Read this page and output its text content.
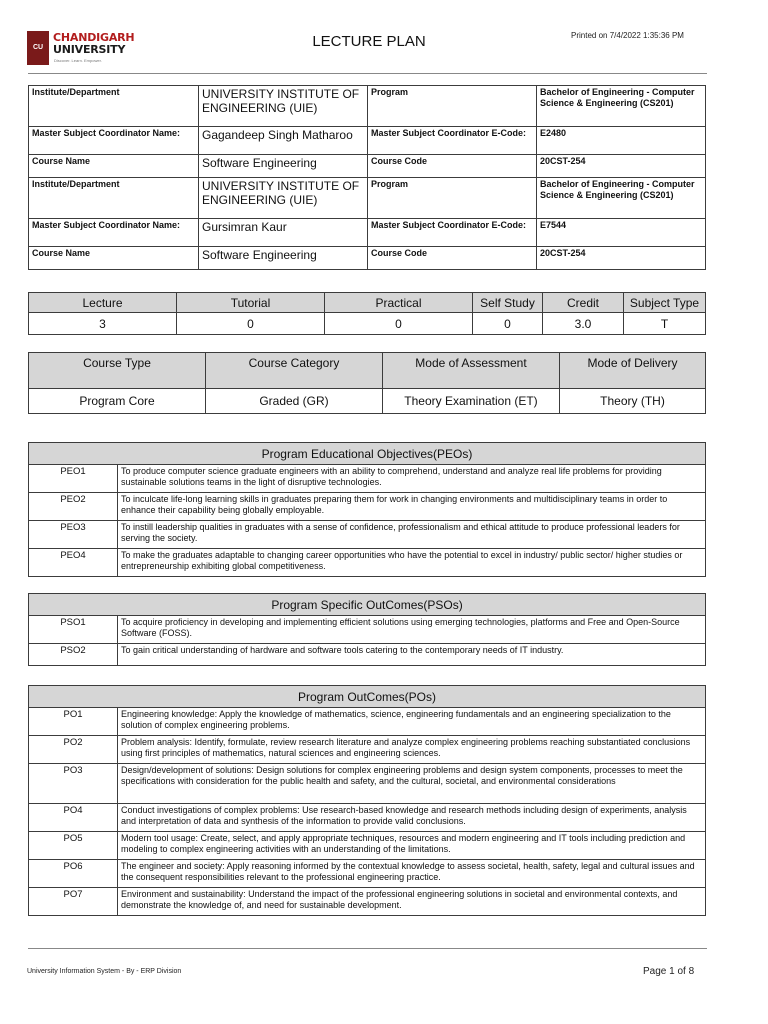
CU
CHANDIGARH
UNIVERSITY
Discover. Learn. Empower.
LECTURE PLAN	Printed on 7/4/2022 1:35:36 PM
Institute/Department	UNIVERSITY INSTITUTE OF ENGINEERING (UIE)	Program	Bachelor of Engineering - Computer Science & Engineering (CS201)
Master Subject Coordinator Name:	Gagandeep Singh Matharoo	Master Subject Coordinator E-Code:	E2480
Course Name	Software Engineering	Course Code	20CST-254
Institute/Department	UNIVERSITY INSTITUTE OF ENGINEERING (UIE)	Program	Bachelor of Engineering - Computer Science & Engineering (CS201)
Master Subject Coordinator Name:	Gursimran Kaur	Master Subject Coordinator E-Code:	E7544
Course Name	Software Engineering	Course Code	20CST-254
Lecture	Tutorial	Practical	Self Study	Credit	Subject Type
3	0	0	0	3.0	T
Course Type	Course Category	Mode of Assessment	Mode of Delivery
Program Core	Graded (GR)	Theory Examination (ET)	Theory (TH)
Program Educational Objectives(PEOs)	
PEO1	To produce computer science graduate engineers with an ability to comprehend, understand and analyze real life problems for providing sustainable solutions teams in the light of disruptive technologies.
PEO2	To inculcate life-long learning skills in graduates preparing them for work in changing environments and multidisciplinary teams in order to enhance their capability being globally employable.
PEO3	To instill leadership qualities in graduates with a sense of confidence, professionalism and ethical attitude to produce professional leaders for serving the society.
PEO4	To make the graduates adaptable to changing career opportunities who have the potential to excel in industry/ public sector/ higher studies or entrepreneurship exhibiting global competitiveness.
Program Specific OutComes(PSOs)	
PSO1	To acquire proficiency in developing and implementing efficient solutions using emerging technologies, platforms and Free and Open-Source Software (FOSS).
PSO2	To gain critical understanding of hardware and software tools catering to the contemporary needs of IT industry.
Program OutComes(POs)	
PO1	Engineering knowledge: Apply the knowledge of mathematics, science, engineering fundamentals and an engineering specialization to the solution of complex engineering problems.
PO2	Problem analysis: Identify, formulate, review research literature and analyze complex engineering problems reaching substantiated conclusions using first principles of mathematics, natural sciences and engineering sciences.
PO3	Design/development of solutions: Design solutions for complex engineering problems and design system components, processes to meet the specifications with consideration for the public health and safety, and the cultural, societal, and environmental considerations
PO4	Conduct investigations of complex problems: Use research-based knowledge and research methods including design of experiments, analysis and interpretation of data and synthesis of the information to provide valid conclusions.
PO5	Modern tool usage: Create, select, and apply appropriate techniques, resources and modern engineering and IT tools including prediction and modeling to complex engineering activities with an understanding of the limitations.
PO6	The engineer and society: Apply reasoning informed by the contextual knowledge to assess societal, health, safety, legal and cultural issues and the consequent responsibilities relevant to the professional engineering practice.
PO7	Environment and sustainability: Understand the impact of the professional engineering solutions in societal and environmental contexts, and demonstrate the knowledge of, and need for sustainable development.
University Information System - By - ERP Division	Page 1 of 8
